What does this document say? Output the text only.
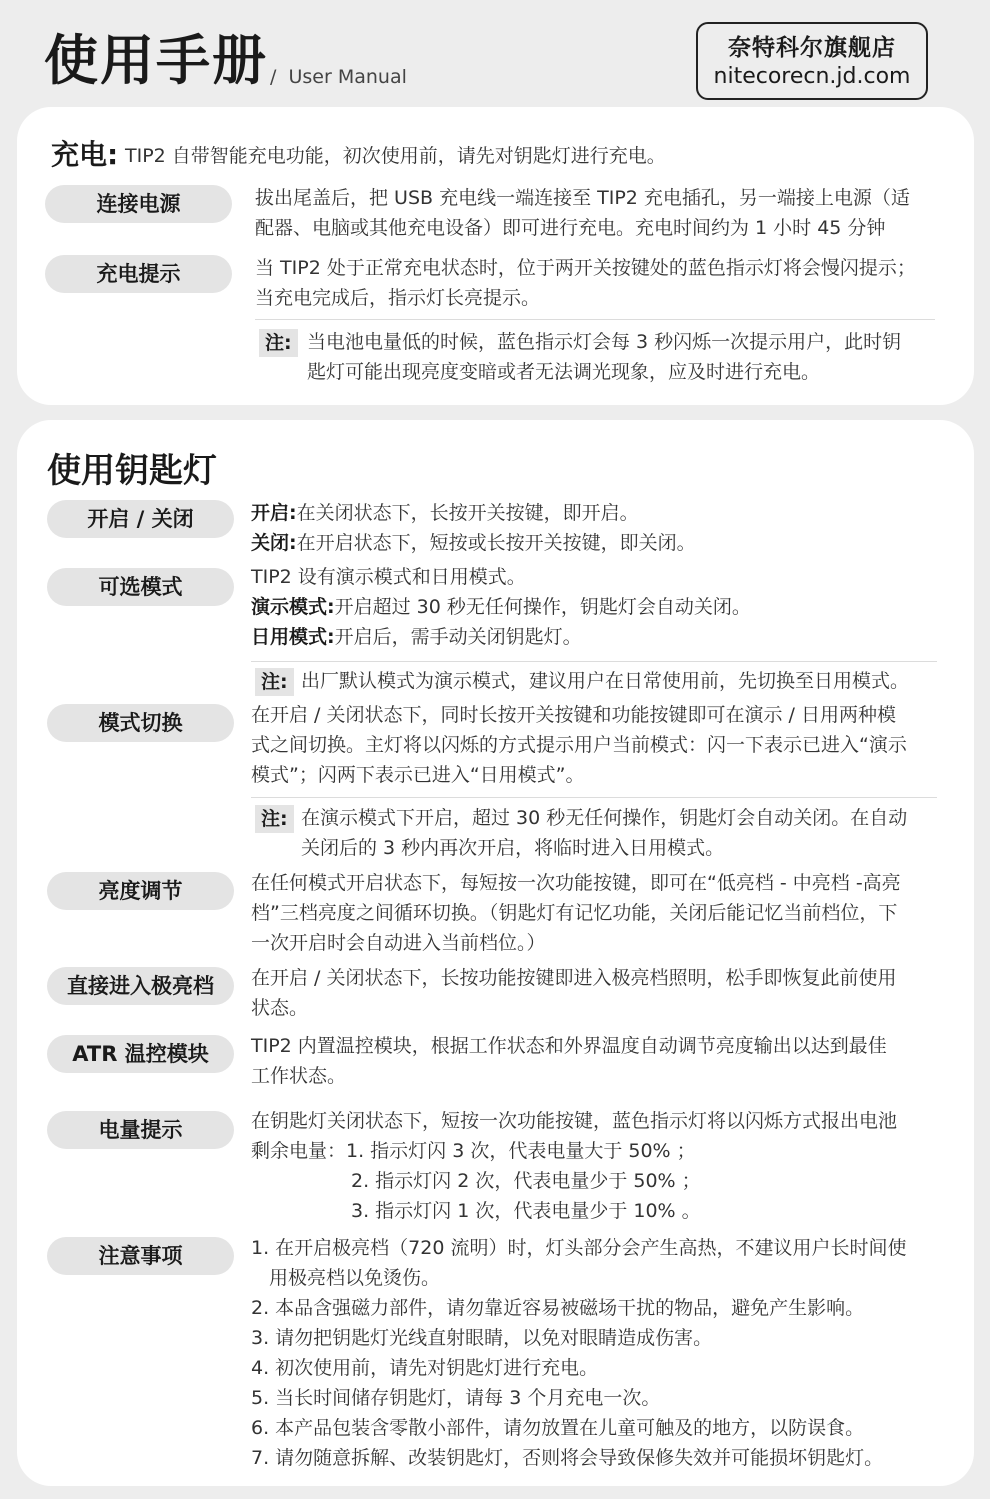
使用手册 / User Manual
奈特科尔旗舰店
nitecorecn.jd.com
充电: TIP2 自带智能充电功能，初次使用前，请先对钥匙灯进行充电。
连接电源	拔出尾盖后，把 USB 充电线一端连接至 TIP2 充电插孔，另一端接上电源（适
配器、电脑或其他充电设备）即可进行充电。充电时间约为 1 小时 45 分钟
充电提示	当 TIP2 处于正常充电状态时，位于两开关按键处的蓝色指示灯将会慢闪提示；
当充电完成后，指示灯长亮提示。
注: 当电池电量低的时候，蓝色指示灯会每 3 秒闪烁一次提示用户，此时钥
匙灯可能出现亮度变暗或者无法调光现象，应及时进行充电。
使用钥匙灯
开启 / 关闭	开启:在关闭状态下，长按开关按键，即开启。
关闭:在开启状态下，短按或长按开关按键，即关闭。
可选模式	TIP2 设有演示模式和日用模式。
演示模式:开启超过 30 秒无任何操作，钥匙灯会自动关闭。
日用模式:开启后，需手动关闭钥匙灯。
注: 出厂默认模式为演示模式，建议用户在日常使用前，先切换至日用模式。
模式切换	在开启 / 关闭状态下，同时长按开关按键和功能按键即可在演示 / 日用两种模
式之间切换。主灯将以闪烁的方式提示用户当前模式：闪一下表示已进入“演示
模式”；闪两下表示已进入“日用模式”。
注: 在演示模式下开启，超过 30 秒无任何操作，钥匙灯会自动关闭。在自动
关闭后的 3 秒内再次开启，将临时进入日用模式。
亮度调节	在任何模式开启状态下，每短按一次功能按键，即可在“低亮档 - 中亮档 -高亮
档”三档亮度之间循环切换。（钥匙灯有记忆功能，关闭后能记忆当前档位，下
一次开启时会自动进入当前档位。）
直接进入极亮档	在开启 / 关闭状态下，长按功能按键即进入极亮档照明，松手即恢复此前使用
状态。
ATR 温控模块	TIP2 内置温控模块，根据工作状态和外界温度自动调节亮度输出以达到最佳
工作状态。
电量提示	在钥匙灯关闭状态下，短按一次功能按键，蓝色指示灯将以闪烁方式报出电池
剩余电量：1. 指示灯闪 3 次，代表电量大于 50% ；
2. 指示灯闪 2 次，代表电量少于 50% ；
3. 指示灯闪 1 次，代表电量少于 10% 。
注意事项	1. 在开启极亮档（720 流明）时，灯头部分会产生高热，不建议用户长时间使
用极亮档以免烫伤。
2. 本品含强磁力部件，请勿靠近容易被磁场干扰的物品，避免产生影响。
3. 请勿把钥匙灯光线直射眼睛，以免对眼睛造成伤害。
4. 初次使用前，请先对钥匙灯进行充电。
5. 当长时间储存钥匙灯，请每 3 个月充电一次。
6. 本产品包装含零散小部件，请勿放置在儿童可触及的地方，以防误食。
7. 请勿随意拆解、改装钥匙灯，否则将会导致保修失效并可能损坏钥匙灯。
